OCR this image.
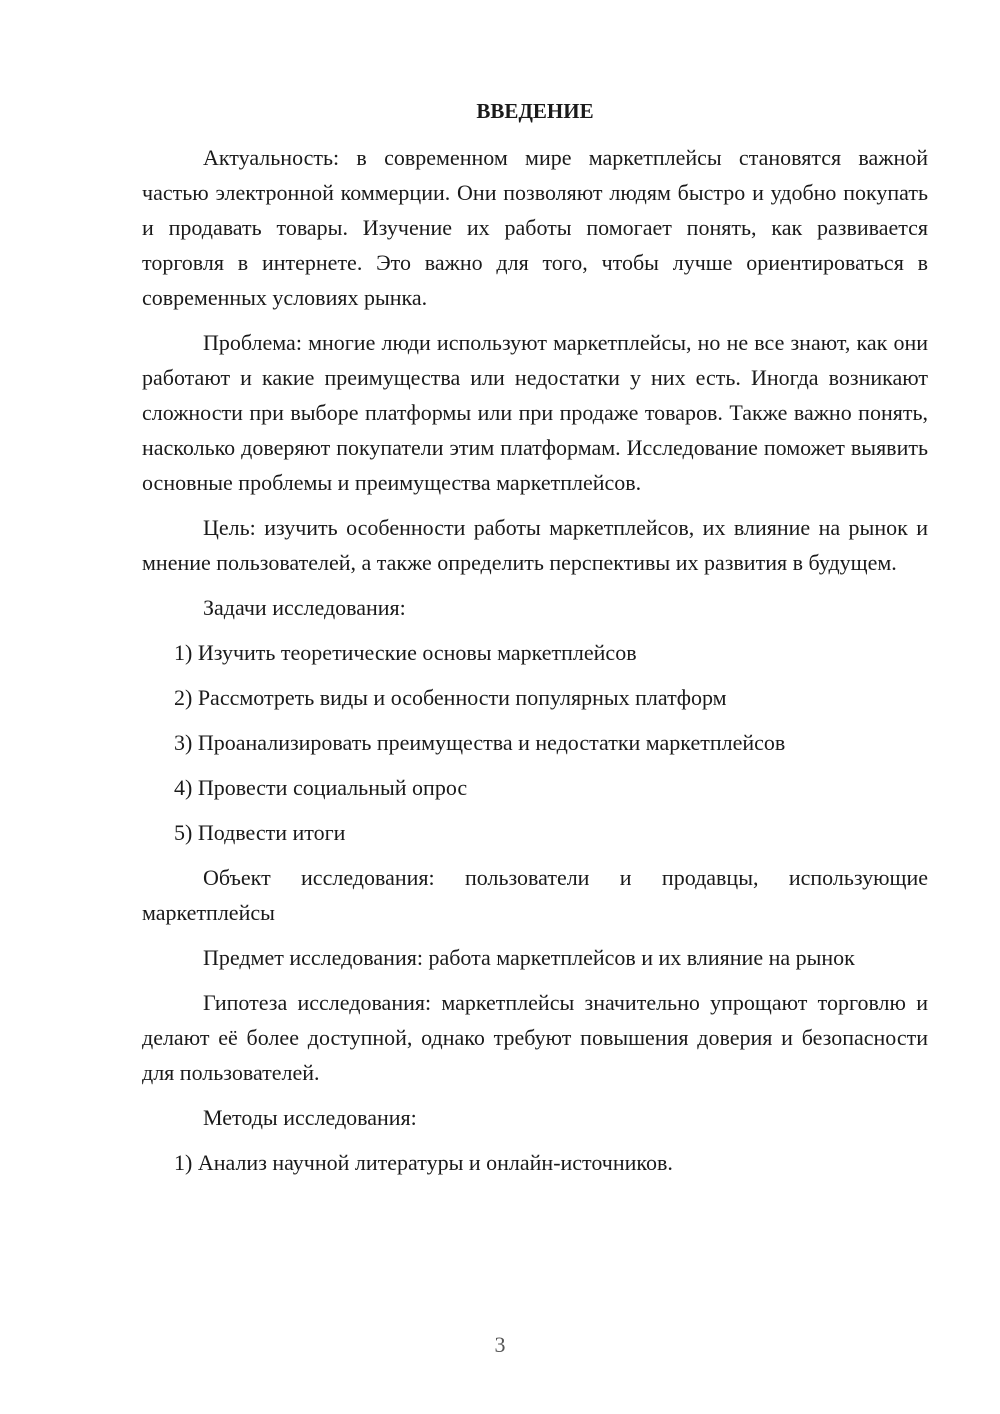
ВВЕДЕНИЕ

Актуальность: в современном мире маркетплейсы становятся важной частью электронной коммерции. Они позволяют людям быстро и удобно покупать и продавать товары. Изучение их работы помогает понять, как развивается торговля в интернете. Это важно для того, чтобы лучше ориентироваться в современных условиях рынка.

Проблема: многие люди используют маркетплейсы, но не все знают, как они работают и какие преимущества или недостатки у них есть. Иногда возникают сложности при выборе платформы или при продаже товаров. Также важно понять, насколько доверяют покупатели этим платформам. Исследование поможет выявить основные проблемы и преимущества маркетплейсов.

Цель: изучить особенности работы маркетплейсов, их влияние на рынок и мнение пользователей, а также определить перспективы их развития в будущем.

Задачи исследования:

1) Изучить теоретические основы маркетплейсов

2) Рассмотреть виды и особенности популярных платформ

3) Проанализировать преимущества и недостатки маркетплейсов

4) Провести социальный опрос

5) Подвести итоги

Объект исследования: пользователи и продавцы, использующие маркетплейсы

Предмет исследования: работа маркетплейсов и их влияние на рынок

Гипотеза исследования: маркетплейсы значительно упрощают торговлю и делают её более доступной, однако требуют повышения доверия и безопасности для пользователей.

Методы исследования:

1) Анализ научной литературы и онлайн-источников.

3
